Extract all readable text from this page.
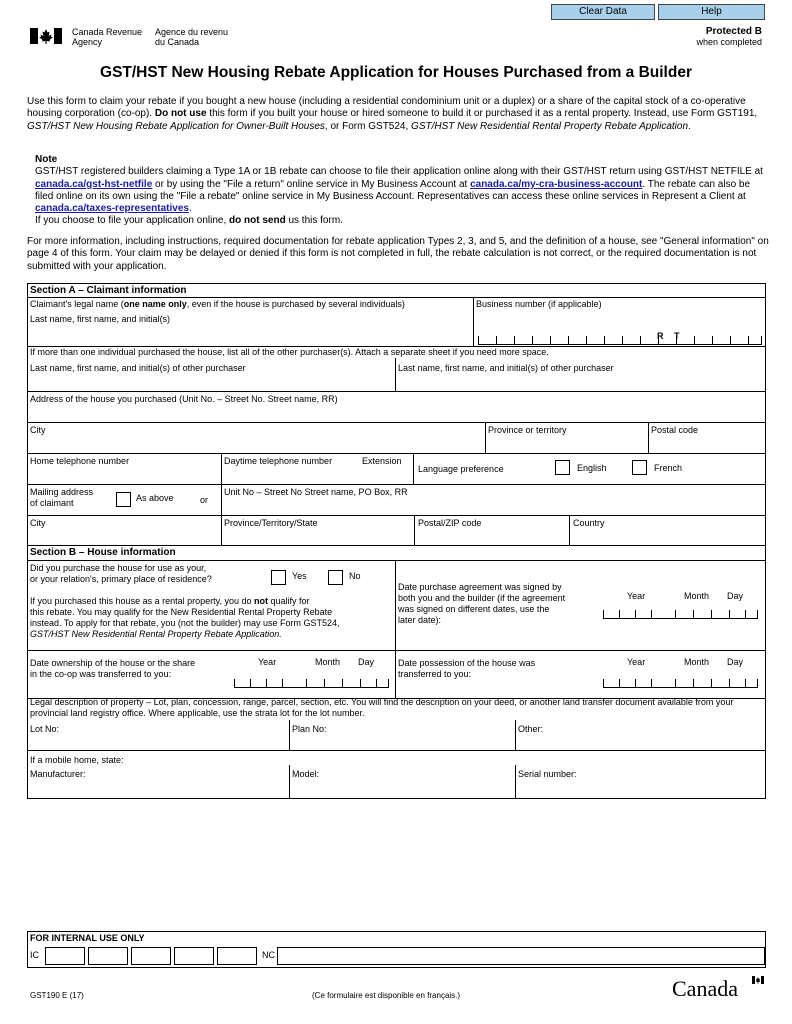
Clear Data	Help
Canada Revenue
Agency
Agence du revenu
du Canada
Protected B
when completed
GST/HST New Housing Rebate Application for Houses Purchased from a Builder
Use this form to claim your rebate if you bought a new house (including a residential condominium unit or a duplex) or a share of the capital stock of a co-operative housing corporation (co-op). Do not use this form if you built your house or hired someone to build it or purchased it as a rental property. Instead, use Form GST191, GST/HST New Housing Rebate Application for Owner-Built Houses, or Form GST524, GST/HST New Residential Rental Property Rebate Application.
Note
GST/HST registered builders claiming a Type 1A or 1B rebate can choose to file their application online along with their GST/HST return using GST/HST NETFILE at canada.ca/gst-hst-netfile or by using the "File a return" online service in My Business Account at canada.ca/my-cra-business-account. The rebate can also be filed online on its own using the "File a rebate" online service in My Business Account. Representatives can access these online services in Represent a Client at canada.ca/taxes-representatives.
If you choose to file your application online, do not send us this form.
For more information, including instructions, required documentation for rebate application Types 2, 3, and 5, and the definition of a house, see "General information" on page 4 of this form. Your claim may be delayed or denied if this form is not completed in full, the rebate calculation is not correct, or the required documentation is not submitted with your application.
Section A – Claimant information
Claimant's legal name (one name only, even if the house is purchased by several individuals)
Last name, first name, and initial(s)
Business number (if applicable)
R T
If more than one individual purchased the house, list all of the other purchaser(s). Attach a separate sheet if you need more space.
Last name, first name, and initial(s) of other purchaser	Last name, first name, and initial(s) of other purchaser
Address of the house you purchased (Unit No. – Street No. Street name, RR)
City	Province or territory	Postal code
Home telephone number	Daytime telephone number	Extension
Language preference	English	French
Mailing address
of claimant	As above	or
Unit No – Street No Street name, PO Box, RR
City	Province/Territory/State	Postal/ZIP code	Country
Section B – House information
Did you purchase the house for use as your,
or your relation's, primary place of residence?	Yes	No
If you purchased this house as a rental property, you do not qualify for
this rebate. You may qualify for the New Residential Rental Property Rebate
instead. To apply for that rebate, you (not the builder) may use Form GST524,
GST/HST New Residential Rental Property Rebate Application.
Date purchase agreement was signed by
both you and the builder (if the agreement
was signed on different dates, use the
later date):
Year	Month Day
Date ownership of the house or the share
in the co-op was transferred to you:
Year	Month Day	Date possession of the house was
transferred to you:
Year	Month Day
Legal description of property – Lot, plan, concession, range, parcel, section, etc. You will find the description on your deed, or another land transfer document available from your provincial land registry office. Where applicable, use the strata lot for the lot number.
Lot No:	Plan No:	Other:
If a mobile home, state:
Manufacturer:	Model:	Serial number:
FOR INTERNAL USE ONLY
IC	NC
GST190 E (17)	(Ce formulaire est disponible en français.)	Canada
